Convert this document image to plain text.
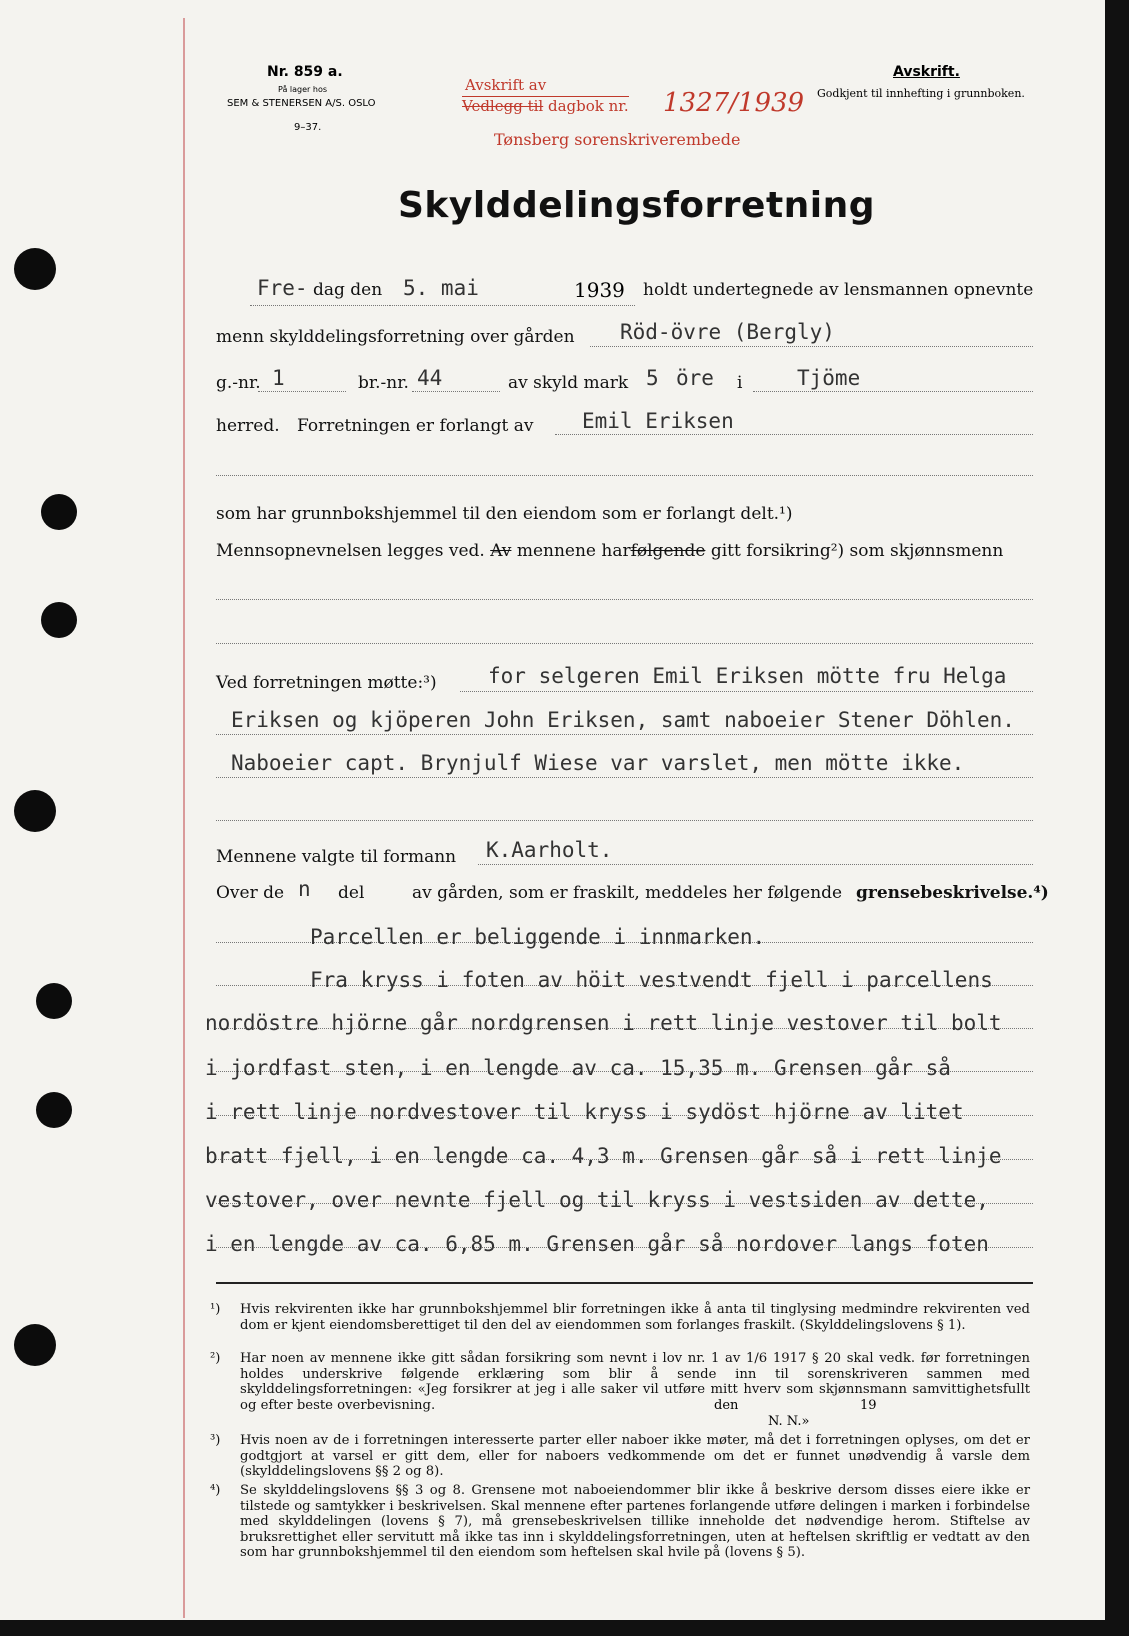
Nr. 859 a.
På lager hos
SEM & STENERSEN A/S. OSLO
9–37.
Avskrift av
Vedlegg til dagbok nr. 1327/1939
Tønsberg sorenskriverembede
Avskrift.
Godkjent til innhefting i grunnboken.
Skylddelingsforretning
Fre- dag den 5. mai	1939 holdt undertegnede av lensmannen opnevnte
menn skylddelingsforretning over gården Röd-övre (Bergly)
g.-nr. 1	br.-nr. 44	av skyld mark 5 öre i	Tjöme
herred. Forretningen er forlangt av Emil Eriksen
som har grunnbokshjemmel til den eiendom som er forlangt delt.¹)
Mennsopnevnelsen legges ved. Av mennene harfølgende gitt forsikring²) som skjønnsmenn
Ved forretningen møtte:³) for selgeren Emil Eriksen mötte fru Helga
Eriksen og kjöperen John Eriksen, samt naboeier Stener Döhlen.
Naboeier capt. Brynjulf Wiese var varslet, men mötte ikke.
Mennene valgte til formann K.Aarholt.
Over de n del	av gården, som er fraskilt, meddeles her følgende grensebeskrivelse.⁴)
Parcellen er beliggende i innmarken.
Fra kryss i foten av höit vestvendt fjell i parcellens
nordöstre hjörne går nordgrensen i rett linje vestover til bolt
i jordfast sten, i en lengde av ca. 15,35 m. Grensen går så
i rett linje nordvestover til kryss i sydöst hjörne av litet
bratt fjell, i en lengde ca. 4,3 m. Grensen går så i rett linje
vestover, over nevnte fjell og til kryss i vestsiden av dette,
i en lengde av ca. 6,85 m. Grensen går så nordover langs foten
¹) Hvis rekvirenten ikke har grunnbokshjemmel blir forretningen ikke å anta til tinglysing medmindre rekvirenten ved dom er kjent eiendomsberettiget til den del av eiendommen som forlanges fraskilt. (Skylddelingslovens § 1).
²) Har noen av mennene ikke gitt sådan forsikring som nevnt i lov nr. 1 av 1/6 1917 § 20 skal vedk. før forretningen holdes underskrive følgende erklæring som blir å sende inn til sorenskriveren sammen med skylddelingsforretningen: «Jeg forsikrer at jeg i alle saker vil utføre mitt hverv som skjønnsmann samvittighetsfullt og efter beste overbevisning.	den	19
N. N.»
³) Hvis noen av de i forretningen interesserte parter eller naboer ikke møter, må det i forretningen oplyses, om det er godtgjort at varsel er gitt dem, eller for naboers vedkommende om det er funnet unødvendig å varsle dem (skylddelingslovens §§ 2 og 8).
⁴) Se skylddelingslovens §§ 3 og 8. Grensene mot naboeiendommer blir ikke å beskrive dersom disses eiere ikke er tilstede og samtykker i beskrivelsen. Skal mennene efter partenes forlangende utføre delingen i marken i forbindelse med skylddelingen (lovens § 7), må grensebeskrivelsen tillike inneholde det nødvendige herom. Stiftelse av bruksrettighet eller servitutt må ikke tas inn i skylddelingsforretningen, uten at heftelsen skriftlig er vedtatt av den som har grunnbokshjemmel til den eiendom som heftelsen skal hvile på (lovens § 5).
